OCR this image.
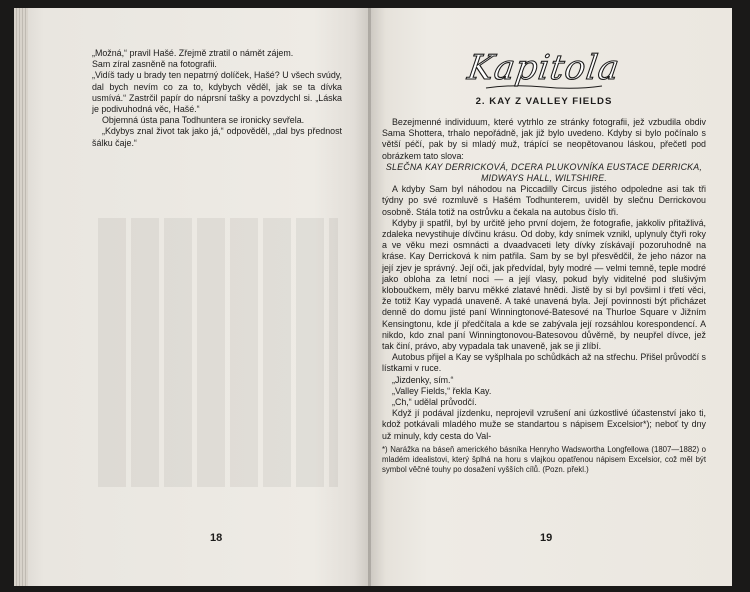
„Možná,“ pravil Hašé. Zřejmě ztratil o námět zájem.

Sam zíral zasněně na fotografii.

„Vidíš tady u brady ten nepatrný dolíček, Hašé? U všech svúdy, dal bych nevím co za to, kdybych věděl, jak se ta dívka usmívá.“ Zastrčil papír do náprsní tašky a povzdychl si. „Láska je podivuhodná věc, Hašé.“

Objemná ústa pana Todhuntera se ironicky sevřela.

„Kdybys znal život tak jako já,“ odpověděl, „dal bys přednost šálku čaje.“

18
Kapitola
2. KAY Z VALLEY FIELDS

Bezejmenné individuum, které vytrhlo ze stránky fotografii, jež vzbudila obdiv Sama Shottera, trhalo nepořádně, jak již bylo uvedeno. Kdyby si bylo počínalo s větší péčí, pak by si mladý muž, trápící se neopětovanou láskou, přečetl pod obrázkem tato slova:

SLEČNA KAY DERRICKOVÁ, DCERA PLUKOVNÍKA EUSTACE DERRICKA, MIDWAYS HALL, WILTSHIRE.

A kdyby Sam byl náhodou na Piccadilly Circus jistého odpoledne asi tak tři týdny po své rozmluvě s Hašém Todhunterem, uviděl by slečnu Derrickovou osobně. Stála totiž na ostrůvku a čekala na autobus číslo tři.

Kdyby ji spatřil, byl by určitě jeho první dojem, že fotografie, jakkoliv přitažlivá, zdaleka nevystihuje dívčinu krásu. Od doby, kdy snímek vznikl, uplynuly čtyři roky a ve věku mezi osmnácti a dvaadvaceti lety dívky získávají pozoruhodně na kráse. Kay Derricková k nim patřila. Sam by se byl přesvědčil, že jeho názor na její zjev je správný. Její oči, jak předvídal, byly modré — velmi temně, teple modré jako obloha za letní noci — a její vlasy, pokud byly viditelné pod slušivým kloboučkem, měly barvu měkké zlatavé hnědi. Jistě by si byl povšiml i třetí věci, že totiž Kay vypadá unaveně. A také unavená byla. Její povinnosti být přicházet denně do domu jisté paní Winningtonové-Batesové na Thurloe Square v Jižním Kensingtonu, kde jí předčítala a kde se zabývala její rozsáhlou korespondencí. A nikdo, kdo znal paní Winningtonovou-Batesovou důvěrně, by neupřel dívce, jež tak činí, právo, aby vypadala tak unaveně, jak se ji zlíbí.

Autobus přijel a Kay se vyšplhala po schůdkách až na střechu. Přišel průvodčí s lístkami v ruce.

„Jizdenky, sím.“

„Valley Fields,“ řekla Kay.

„Ch,“ udělal průvodčí.

Když jí podával jízdenku, neprojevil vzrušení ani úzkostlivé účastenství jako ti, kdož potkávali mladého muže se standartou s nápisem Excelsior*); neboť ty dny už minuly, kdy cesta do Val-

*) Narážka na báseň amerického básníka Henryho Wadswortha Longfellowa (1807—1882) o mladém idealistovi, který šplhá na horu s vlajkou opatřenou nápisem Excelsior, což měl být symbol věčné touhy po dosažení vyšších cílů. (Pozn. překl.)

19
